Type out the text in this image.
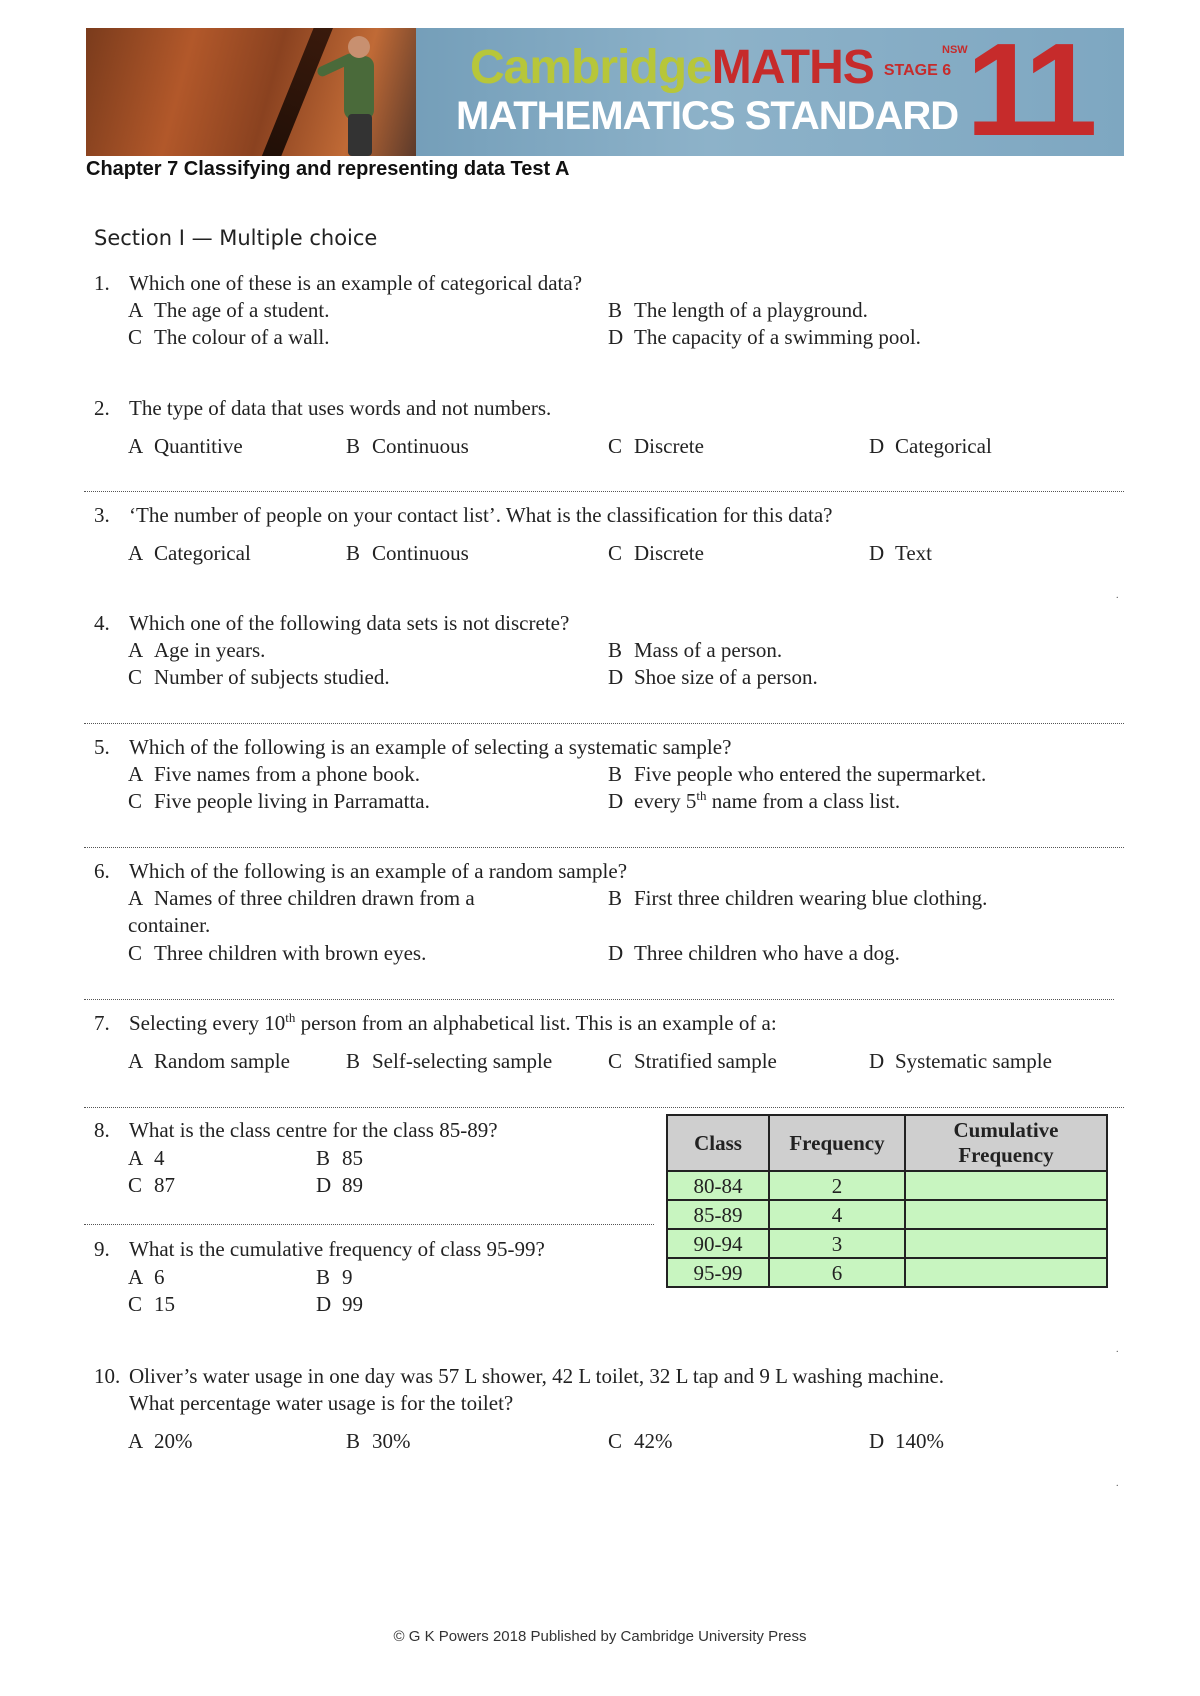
CambridgeMATHS STAGE 6
NSW
MATHEMATICS STANDARD 11
Chapter 7 Classifying and representing data Test A
Section I — Multiple choice
1. Which one of these is an example of categorical data?
A The age of a student.	B The length of a playground.
C The colour of a wall.	D The capacity of a swimming pool.
2. The type of data that uses words and not numbers.
A Quantitive	B Continuous	C Discrete	D Categorical
3. ‘The number of people on your contact list’. What is the classification for this data?
A Categorical	B Continuous	C Discrete	D Text
4. Which one of the following data sets is not discrete?
A Age in years.	B Mass of a person.
C Number of subjects studied.	D Shoe size of a person.
5. Which of the following is an example of selecting a systematic sample?
A Five names from a phone book.	B Five people who entered the supermarket.
C Five people living in Parramatta.	D every 5th name from a class list.
6. Which of the following is an example of a random sample?
A Names of three children drawn from a container.
B First three children wearing blue clothing.
C Three children with brown eyes.	D Three children who have a dog.
7. Selecting every 10th person from an alphabetical list. This is an example of a:
A Random sample	B Self-selecting sample	C Stratified sample	D Systematic sample
8. What is the class centre for the class 85-89?
A 4	B 85
C 87	D 89
9. What is the cumulative frequency of class 95-99?
A 6	B 9
C 15	D 99
Class	Frequency	Cumulative Frequency
80-84	2	
85-89	4	
90-94	3	
95-99	6	
10. Oliver’s water usage in one day was 57 L shower, 42 L toilet, 32 L tap and 9 L washing machine.
What percentage water usage is for the toilet?
A 20%	B 30%	C 42%	D 140%
.
.
.
© G K Powers 2018 Published by Cambridge University Press
